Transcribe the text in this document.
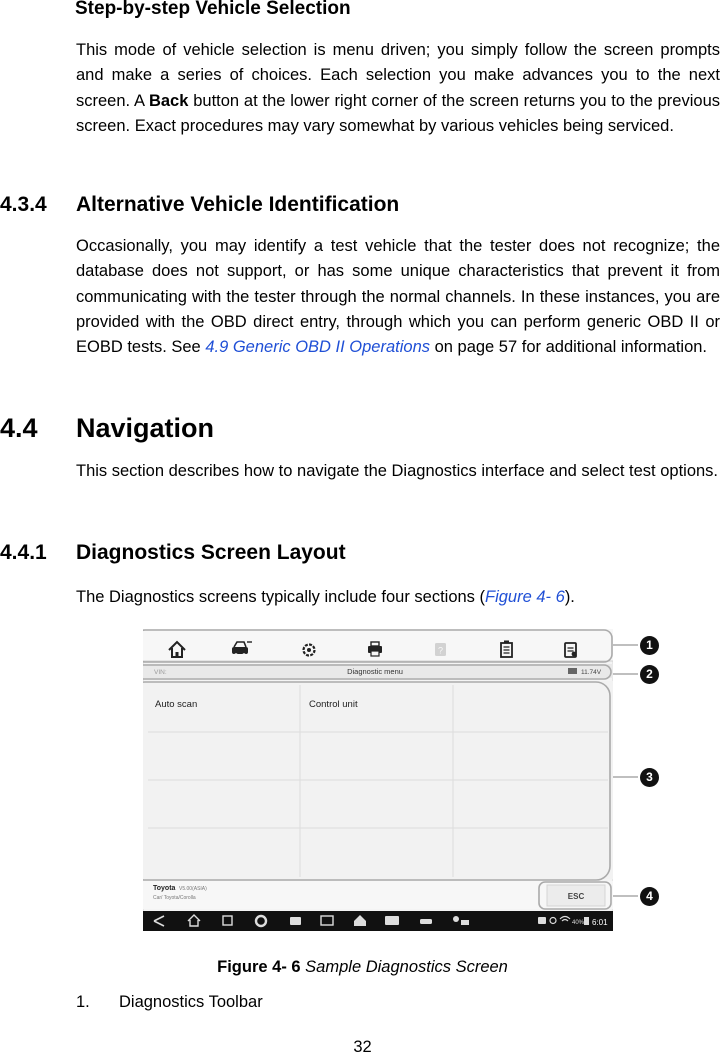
Step-by-step Vehicle Selection

This mode of vehicle selection is menu driven; you simply follow the screen prompts and make a series of choices. Each selection you make advances you to the next screen. A Back button at the lower right corner of the screen returns you to the previous screen. Exact procedures may vary somewhat by various vehicles being serviced.

4.3.4 Alternative Vehicle Identification

Occasionally, you may identify a test vehicle that the tester does not recognize; the database does not support, or has some unique characteristics that prevent it from communicating with the tester through the normal channels. In these instances, you are provided with the OBD direct entry, through which you can perform generic OBD II or EOBD tests. See 4.9 Generic OBD II Operations on page 57 for additional information.

4.4 Navigation

This section describes how to navigate the Diagnostics interface and select test options.

4.4.1 Diagnostics Screen Layout

The Diagnostics screens typically include four sections (Figure 4- 6).

?
VIN:	Diagnostic menu	11.74V
Auto scan	Control unit
Toyota V5.00(ASIA)
Car/ Toyota/Corolla	ESC
40% 6:01
1
2
3
4
Figure 4- 6 Sample Diagnostics Screen
1. Diagnostics Toolbar
32
